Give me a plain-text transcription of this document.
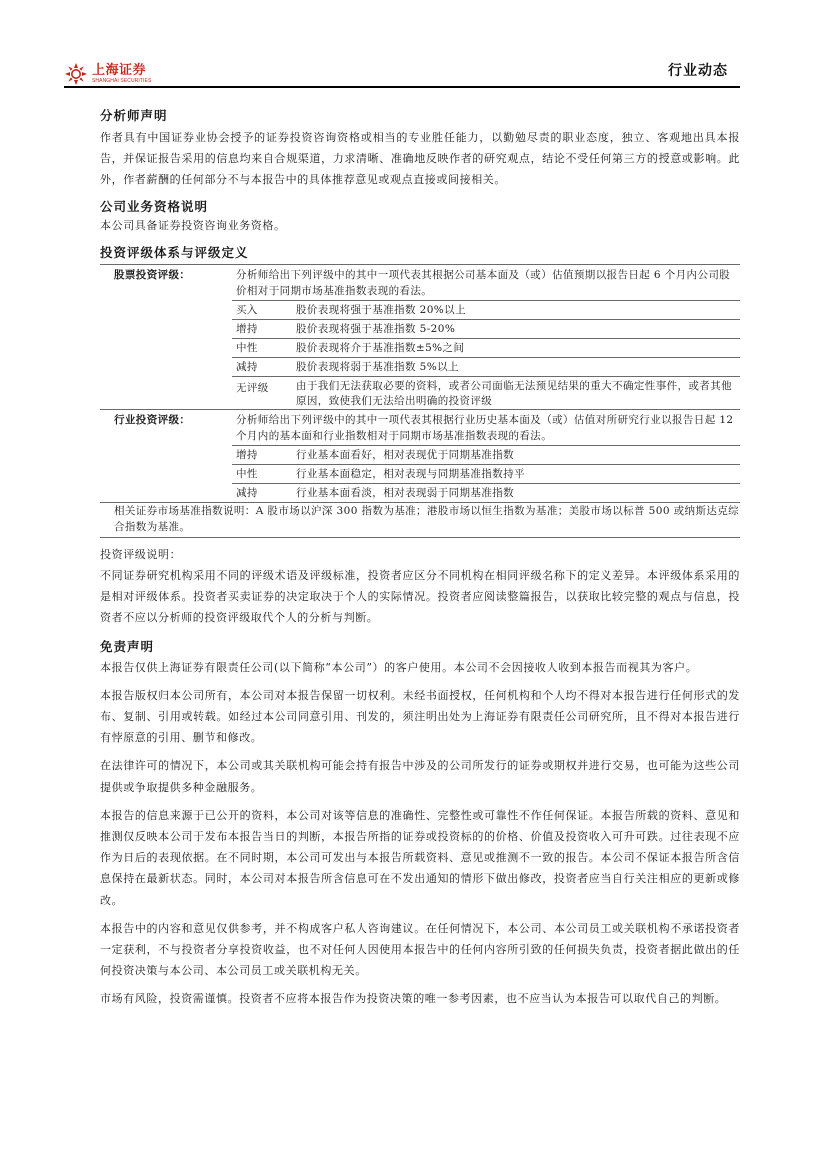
上海证券
SHANGHAI SECURITIES
行业动态
分析师声明

作者具有中国证券业协会授予的证券投资咨询资格或相当的专业胜任能力，以勤勉尽责的职业态度，独立、客观地出具本报告，并保证报告采用的信息均来自合规渠道，力求清晰、准确地反映作者的研究观点，结论不受任何第三方的授意或影响。此外，作者薪酬的任何部分不与本报告中的具体推荐意见或观点直接或间接相关。

公司业务资格说明

本公司具备证券投资咨询业务资格。

投资评级体系与评级定义
股票投资评级：	分析师给出下列评级中的其中一项代表其根据公司基本面及（或）估值预期以报告日起 6 个月内公司股价相对于同期市场基准指数表现的看法。	
	买入	股价表现将强于基准指数 20%以上
	增持	股价表现将强于基准指数 5-20%
	中性	股价表现将介于基准指数±5%之间
	减持	股价表现将弱于基准指数 5%以上
	无评级	由于我们无法获取必要的资料，或者公司面临无法预见结果的重大不确定性事件，或者其他原因，致使我们无法给出明确的投资评级
行业投资评级：	分析师给出下列评级中的其中一项代表其根据行业历史基本面及（或）估值对所研究行业以报告日起 12 个月内的基本面和行业指数相对于同期市场基准指数表现的看法。	
	增持	行业基本面看好，相对表现优于同期基准指数
	中性	行业基本面稳定，相对表现与同期基准指数持平
	减持	行业基本面看淡，相对表现弱于同期基准指数
相关证券市场基准指数说明：A 股市场以沪深 300 指数为基准；港股市场以恒生指数为基准；美股市场以标普 500 或纳斯达克综合指数为基准。		

投资评级说明：

不同证券研究机构采用不同的评级术语及评级标准，投资者应区分不同机构在相同评级名称下的定义差异。本评级体系采用的是相对评级体系。投资者买卖证券的决定取决于个人的实际情况。投资者应阅读整篇报告，以获取比较完整的观点与信息，投资者不应以分析师的投资评级取代个人的分析与判断。

免责声明

本报告仅供上海证券有限责任公司(以下简称“本公司”）的客户使用。本公司不会因接收人收到本报告而视其为客户。

本报告版权归本公司所有，本公司对本报告保留一切权利。未经书面授权，任何机构和个人均不得对本报告进行任何形式的发布、复制、引用或转载。如经过本公司同意引用、刊发的，须注明出处为上海证券有限责任公司研究所，且不得对本报告进行有悖原意的引用、删节和修改。

在法律许可的情况下，本公司或其关联机构可能会持有报告中涉及的公司所发行的证券或期权并进行交易，也可能为这些公司提供或争取提供多种金融服务。

本报告的信息来源于已公开的资料，本公司对该等信息的准确性、完整性或可靠性不作任何保证。本报告所载的资料、意见和推测仅反映本公司于发布本报告当日的判断，本报告所指的证券或投资标的的价格、价值及投资收入可升可跌。过往表现不应作为日后的表现依据。在不同时期，本公司可发出与本报告所载资料、意见或推测不一致的报告。本公司不保证本报告所含信息保持在最新状态。同时，本公司对本报告所含信息可在不发出通知的情形下做出修改，投资者应当自行关注相应的更新或修改。

本报告中的内容和意见仅供参考，并不构成客户私人咨询建议。在任何情况下，本公司、本公司员工或关联机构不承诺投资者一定获利，不与投资者分享投资收益，也不对任何人因使用本报告中的任何内容所引致的任何损失负责，投资者据此做出的任何投资决策与本公司、本公司员工或关联机构无关。

市场有风险，投资需谨慎。投资者不应将本报告作为投资决策的唯一参考因素，也不应当认为本报告可以取代自己的判断。
